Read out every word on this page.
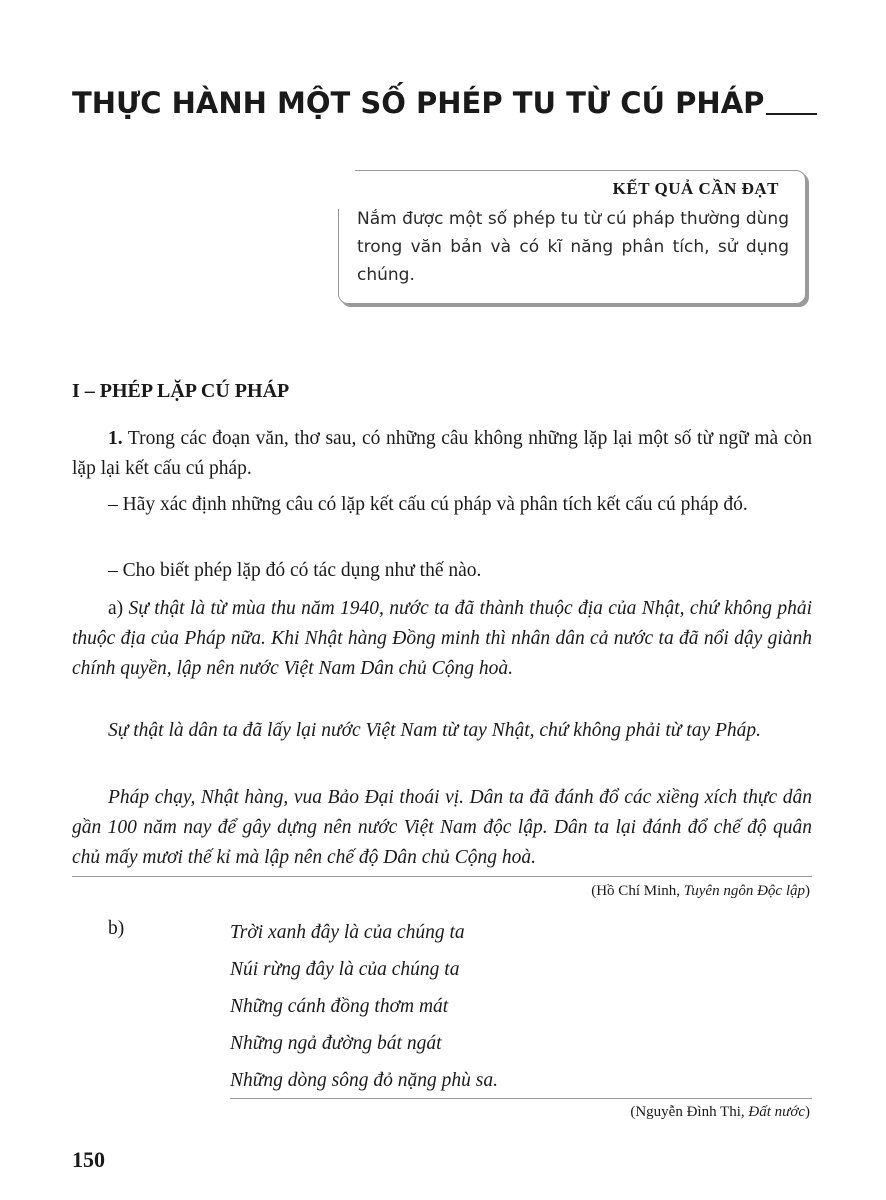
THỰC HÀNH MỘT SỐ PHÉP TU TỪ CÚ PHÁP
KẾT QUẢ CẦN ĐẠT
Nắm được một số phép tu từ cú pháp thường dùng trong văn bản và có kĩ năng phân tích, sử dụng chúng.
I – PHÉP LẶP CÚ PHÁP
1. Trong các đoạn văn, thơ sau, có những câu không những lặp lại một số từ ngữ mà còn lặp lại kết cấu cú pháp.
– Hãy xác định những câu có lặp kết cấu cú pháp và phân tích kết cấu cú pháp đó.
– Cho biết phép lặp đó có tác dụng như thế nào.
a) Sự thật là từ mùa thu năm 1940, nước ta đã thành thuộc địa của Nhật, chứ không phải thuộc địa của Pháp nữa. Khi Nhật hàng Đồng minh thì nhân dân cả nước ta đã nổi dậy giành chính quyền, lập nên nước Việt Nam Dân chủ Cộng hoà.
Sự thật là dân ta đã lấy lại nước Việt Nam từ tay Nhật, chứ không phải từ tay Pháp.
Pháp chạy, Nhật hàng, vua Bảo Đại thoái vị. Dân ta đã đánh đổ các xiềng xích thực dân gần 100 năm nay để gây dựng nên nước Việt Nam độc lập. Dân ta lại đánh đổ chế độ quân chủ mấy mươi thế kỉ mà lập nên chế độ Dân chủ Cộng hoà.
(Hồ Chí Minh, Tuyên ngôn Độc lập)
b)	Trời xanh đây là của chúng ta
Núi rừng đây là của chúng ta
Những cánh đồng thơm mát
Những ngả đường bát ngát
Những dòng sông đỏ nặng phù sa.
(Nguyễn Đình Thi, Đất nước)
150
